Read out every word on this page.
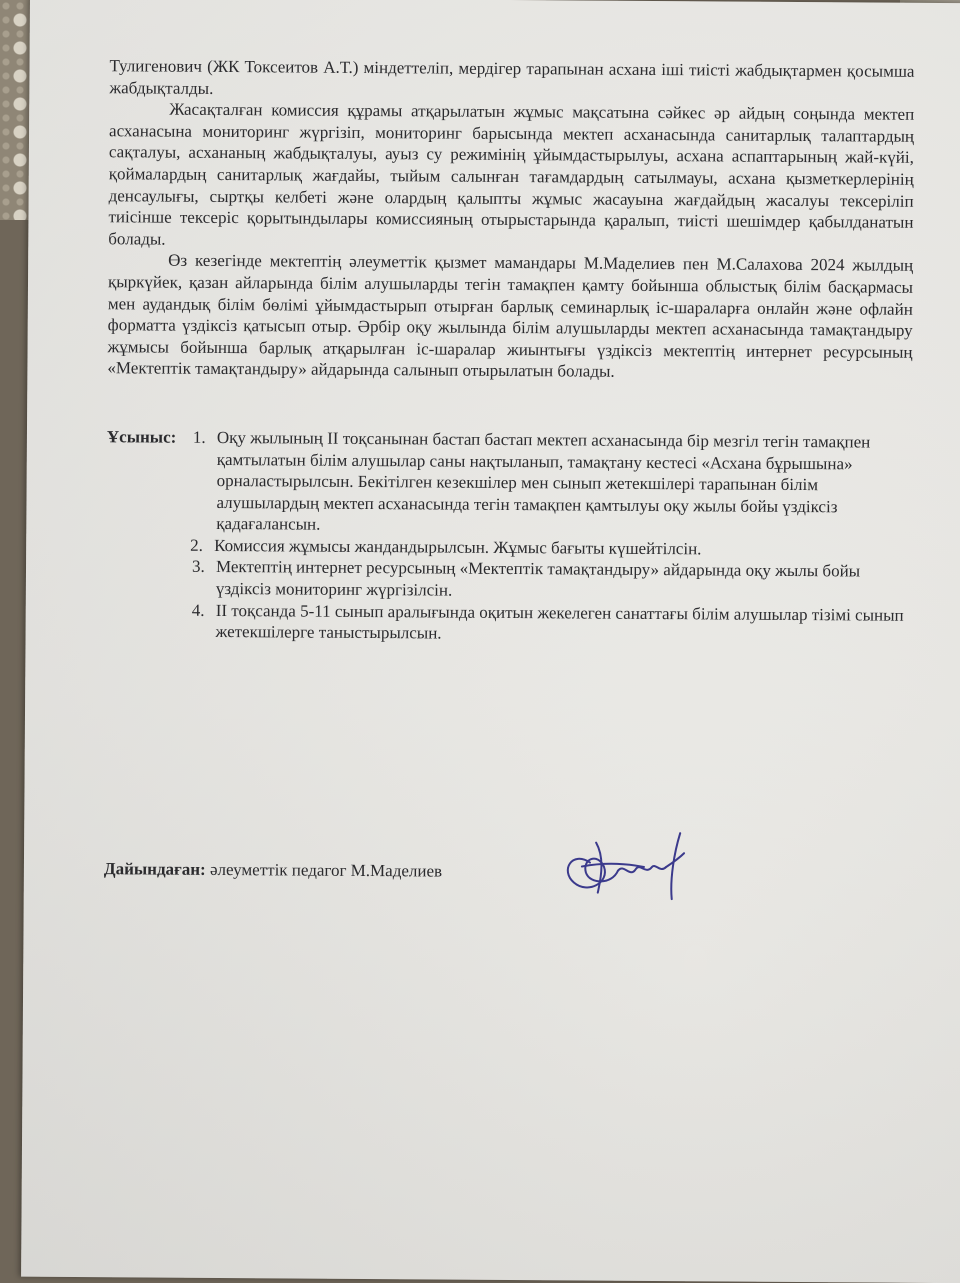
Тулигенович (ЖК Токсеитов А.Т.) міндеттеліп, мердігер тарапынан асхана іші тиісті жабдықтармен қосымша жабдықталды.

Жасақталған комиссия құрамы атқарылатын жұмыс мақсатына сәйкес әр айдың соңында мектеп асханасына мониторинг жүргізіп, мониторинг барысында мектеп асханасында санитарлық талаптардың сақталуы, асхананың жабдықталуы, ауыз су режимінің ұйымдастырылуы, асхана аспаптарының жай-күйі, қоймалардың санитарлық жағдайы, тыйым салынған тағамдардың сатылмауы, асхана қызметкерлерінің денсаулығы, сыртқы келбеті және олардың қалыпты жұмыс жасауына жағдайдың жасалуы тексеріліп тиісінше тексеріс қорытындылары комиссияның отырыстарында қаралып, тиісті шешімдер қабылданатын болады.

Өз кезегінде мектептің әлеуметтік қызмет мамандары М.Маделиев пен М.Салахова 2024 жылдың қыркүйек, қазан айларында білім алушыларды тегін тамақпен қамту бойынша облыстық білім басқармасы мен аудандық білім бөлімі ұйымдастырып отырған барлық семинарлық іс-шараларға онлайн және офлайн форматта үздіксіз қатысып отыр. Әрбір оқу жылында білім алушыларды мектеп асханасында тамақтандыру жұмысы бойынша барлық атқарылған іс-шаралар жиынтығы үздіксіз мектептің интернет ресурсының «Мектептік тамақтандыру» айдарында салынып отырылатын болады.

Ұсыныс: 1. Оқу жылының ІІ тоқсанынан бастап бастап мектеп асханасында бір мезгіл тегін тамақпен қамтылатын білім алушылар саны нақтыланып, тамақтану кестесі «Асхана бұрышына» орналастырылсын. Бекітілген кезекшілер мен сынып жетекшілері тарапынан білім алушылардың мектеп асханасында тегін тамақпен қамтылуы оқу жылы бойы үздіксіз қадағалансын.
2. Комиссия жұмысы жандандырылсын. Жұмыс бағыты күшейтілсін.
3. Мектептің интернет ресурсының «Мектептік тамақтандыру» айдарында оқу жылы бойы үздіксіз мониторинг жүргізілсін.
4. ІІ тоқсанда 5-11 сынып аралығында оқитын жекелеген санаттағы білім алушылар тізімі сынып жетекшілерге таныстырылсын.
Дайындаған: әлеуметтік педагог М.Маделиев
